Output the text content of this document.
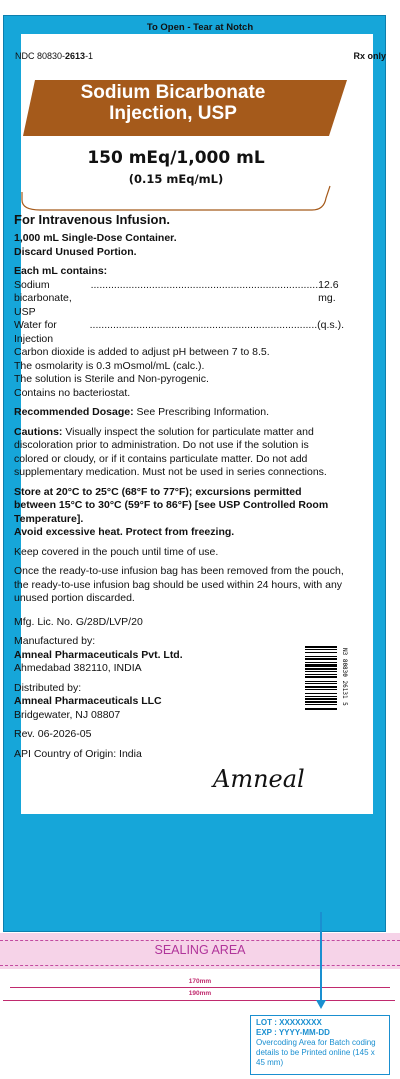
To Open - Tear at Notch
NDC 80830-2613-1	Rx only
Sodium Bicarbonate
Injection, USP
150 mEq/1,000 mL
(0.15 mEq/mL)

For Intravenous Infusion.

1,000 mL Single-Dose Container.

Discard Unused Portion.

Each mL contains:

Sodium bicarbonate, USP
.............................................................................. 12.6 mg.

Water for Injection
.............................................................................. (q.s.).

Carbon dioxide is added to adjust pH between 7 to 8.5.

The osmolarity is 0.3 mOsmol/mL (calc.).

The solution is Sterile and Non-pyrogenic.

Contains no bacteriostat.

Recommended Dosage: See Prescribing Information.

Cautions: Visually inspect the solution for particulate matter and discoloration prior to administration. Do not use if the solution is colored or cloudy, or if it contains particulate matter. Do not add supplementary medication. Must not be used in series connections.

Store at 20°C to 25°C (68°F to 77°F); excursions permitted between 15°C to 30°C (59°F to 86°F) [see USP Controlled Room Temperature].

Avoid excessive heat. Protect from freezing.

Keep covered in the pouch until time of use.

Once the ready-to-use infusion bag has been removed from the pouch, the ready-to-use infusion bag should be used within 24 hours, with any unused portion discarded.

Mfg. Lic. No. G/28D/LVP/20

Manufactured by:

Amneal Pharmaceuticals Pvt. Ltd.

Ahmedabad 382110, INDIA

Distributed by:

Amneal Pharmaceuticals LLC

Bridgewater, NJ 08807

Rev. 06-2026-05

API Country of Origin: India

N3 80830 26131 5
Amneal
SEALING AREA
170mm
190mm
LOT : XXXXXXXX
EXP : YYYY-MM-DD
Overcoding Area for Batch coding details to be Printed online (145 x 45 mm)
